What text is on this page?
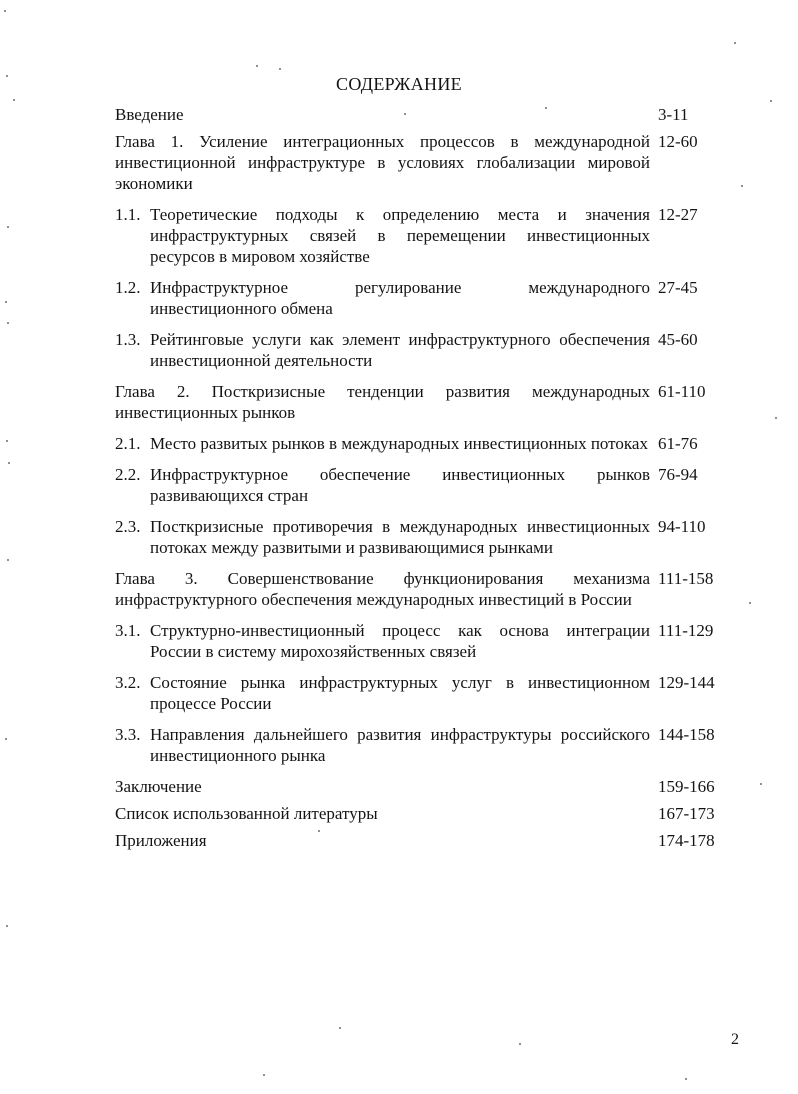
СОДЕРЖАНИЕ
Введение	3-11
Глава 1. Усиление интеграционных процессов в международной инвестиционной инфраструктуре в условиях глобализации мировой экономики
12-60
1.1. Теоретические подходы к определению места и значения инфраструктурных связей в перемещении инвестиционных ресурсов в мировом хозяйстве
12-27
1.2. Инфраструктурное регулирование международного инвестиционного обмена
27-45
1.3. Рейтинговые услуги как элемент инфраструктурного обеспечения инвестиционной деятельности
45-60
Глава 2. Посткризисные тенденции развития международных инвестиционных рынков
61-110
2.1. Место развитых рынков в международных инвестиционных потоках 61-76
2.2. Инфраструктурное обеспечение инвестиционных рынков развивающихся стран
76-94
2.3. Посткризисные противоречия в международных инвестиционных потоках между развитыми и развивающимися рынками
94-110
Глава 3. Совершенствование функционирования механизма инфраструктурного обеспечения международных инвестиций в России
111-158
3.1. Структурно-инвестиционный процесс как основа интеграции России в систему мирохозяйственных связей
111-129
3.2. Состояние рынка инфраструктурных услуг в инвестиционном процессе России
129-144
3.3. Направления дальнейшего развития инфраструктуры российского инвестиционного рынка
144-158
Заключение	159-166
Список использованной литературы	167-173
Приложения	174-178
2
